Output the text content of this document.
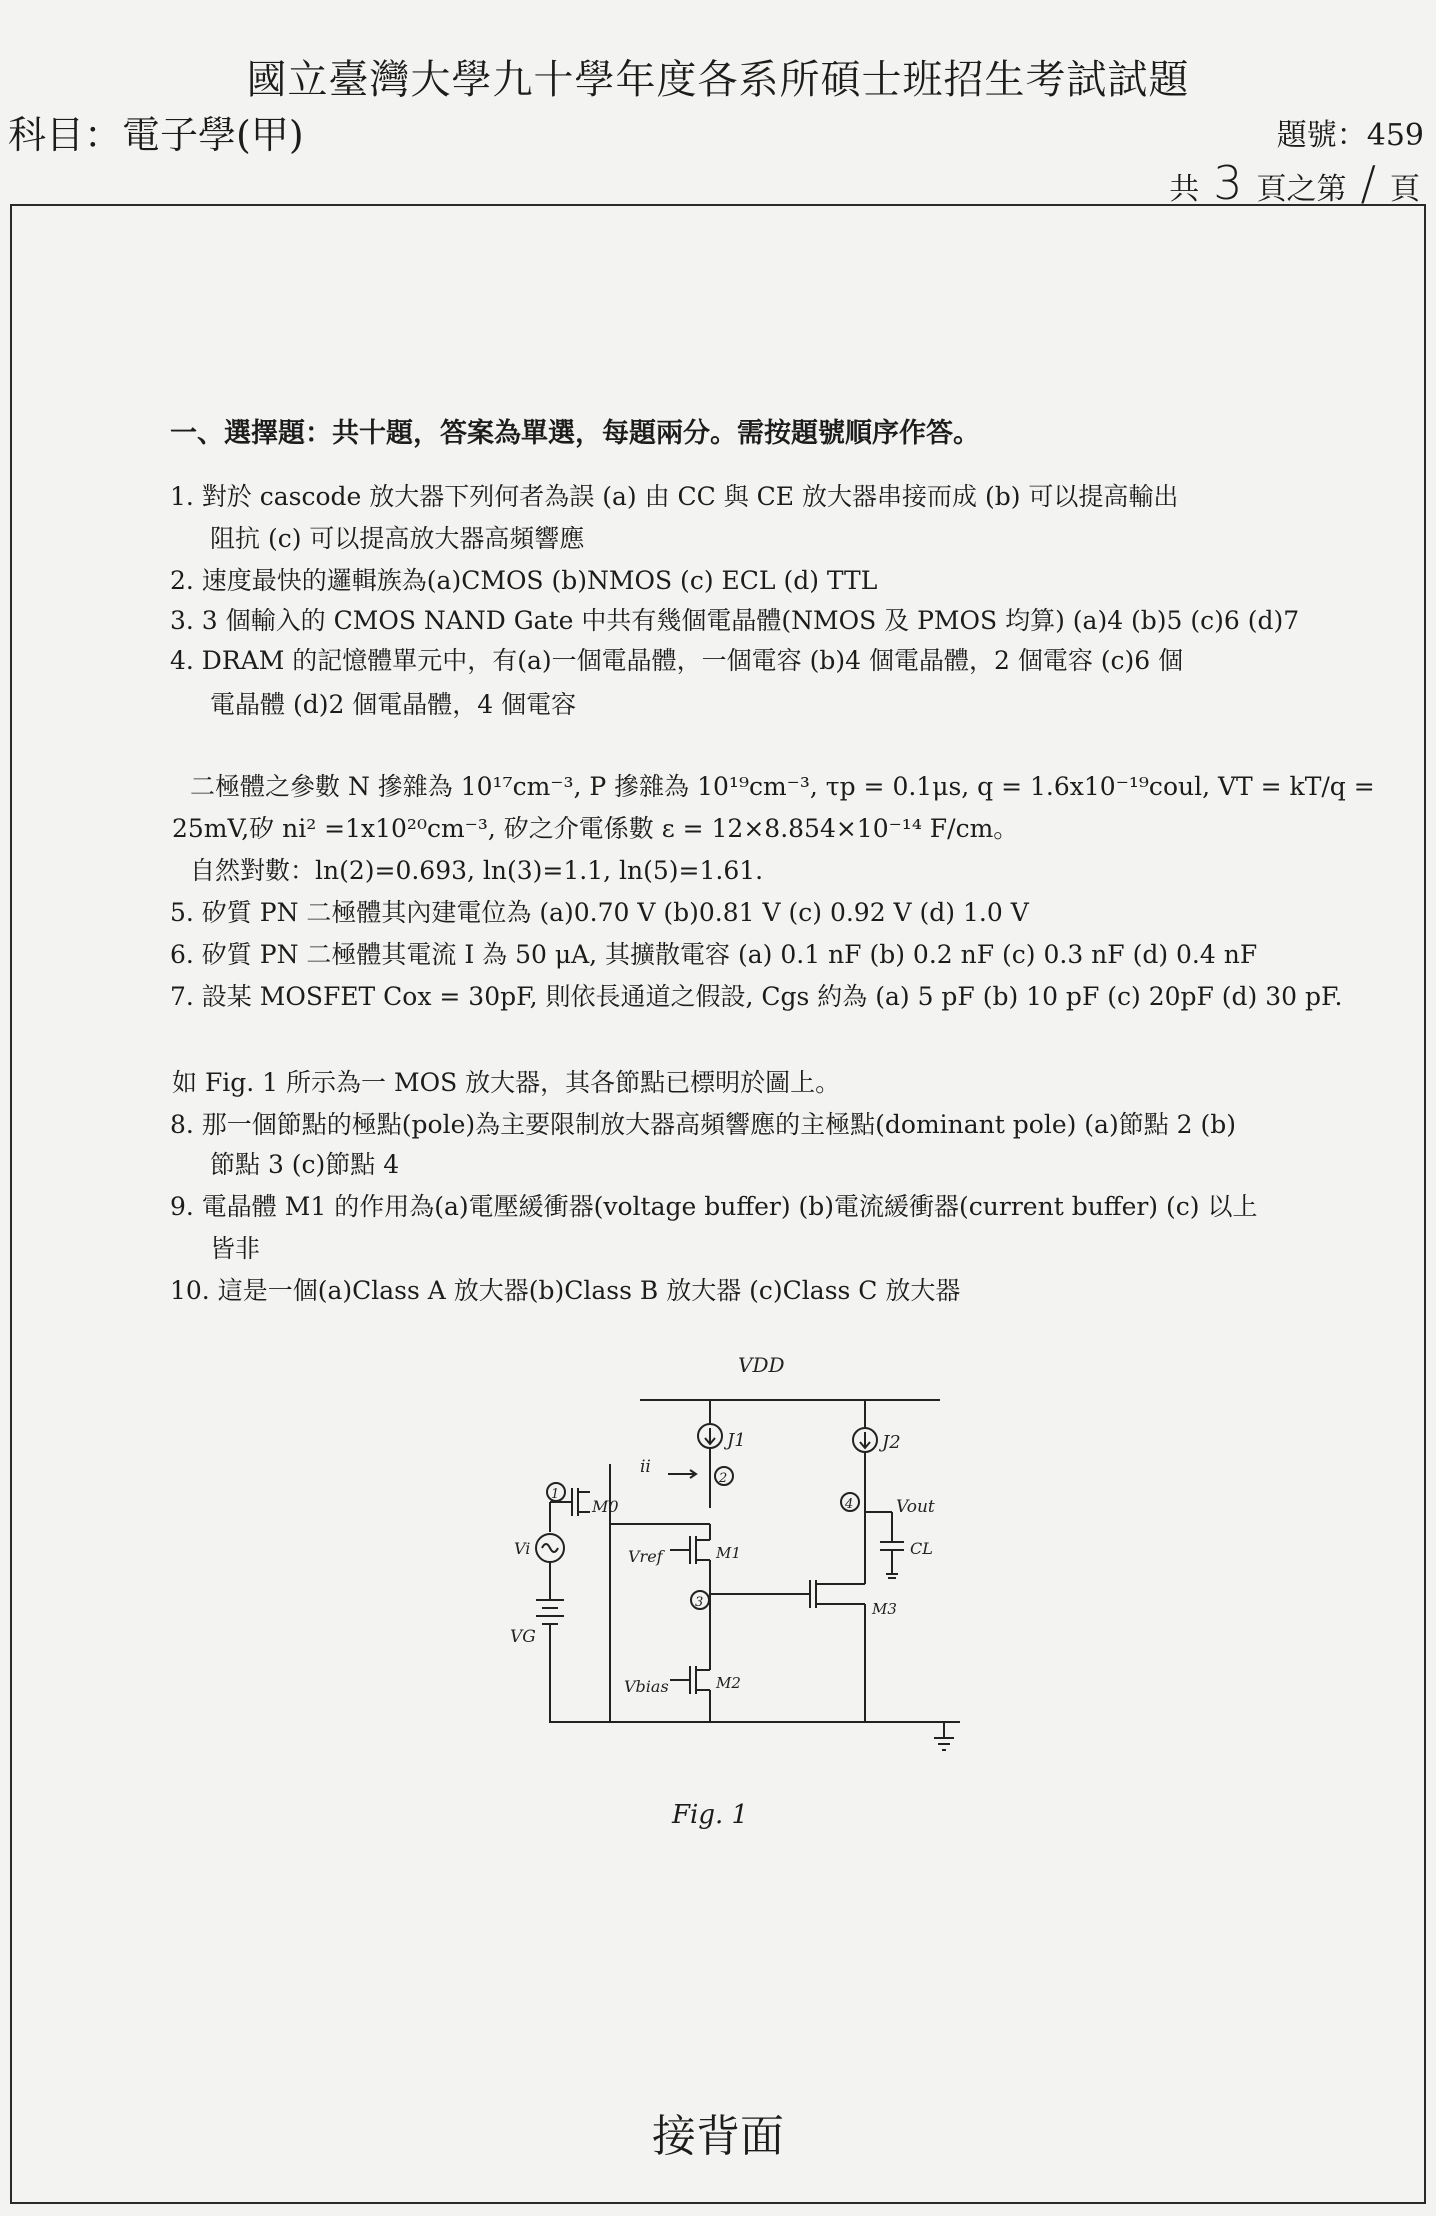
國立臺灣大學九十學年度各系所碩士班招生考試試題
科目：電子學(甲)	題號：459
共 3 頁之第 / 頁
一、選擇題：共十題，答案為單選，每題兩分。需按題號順序作答。
1. 對於 cascode 放大器下列何者為誤 (a) 由 CC 與 CE 放大器串接而成 (b) 可以提高輸出
阻抗 (c) 可以提高放大器高頻響應
2. 速度最快的邏輯族為(a)CMOS (b)NMOS (c) ECL (d) TTL
3. 3 個輸入的 CMOS NAND Gate 中共有幾個電晶體(NMOS 及 PMOS 均算) (a)4 (b)5 (c)6 (d)7
4. DRAM 的記憶體單元中，有(a)一個電晶體，一個電容 (b)4 個電晶體，2 個電容 (c)6 個
電晶體 (d)2 個電晶體，4 個電容
二極體之參數 N 摻雜為 10¹⁷cm⁻³, P 摻雜為 10¹⁹cm⁻³, τp = 0.1μs, q = 1.6x10⁻¹⁹coul, VT = kT/q =
25mV,矽 ni² =1x10²⁰cm⁻³, 矽之介電係數 ε = 12×8.854×10⁻¹⁴ F/cm。
自然對數：ln(2)=0.693, ln(3)=1.1, ln(5)=1.61.
5. 矽質 PN 二極體其內建電位為 (a)0.70 V (b)0.81 V (c) 0.92 V (d) 1.0 V
6. 矽質 PN 二極體其電流 I 為 50 μA, 其擴散電容 (a) 0.1 nF (b) 0.2 nF (c) 0.3 nF (d) 0.4 nF
7. 設某 MOSFET Cox = 30pF, 則依長通道之假設, Cgs 約為 (a) 5 pF (b) 10 pF (c) 20pF (d) 30 pF.
如 Fig. 1 所示為一 MOS 放大器，其各節點已標明於圖上。
8. 那一個節點的極點(pole)為主要限制放大器高頻響應的主極點(dominant pole) (a)節點 2 (b)
節點 3 (c)節點 4
9. 電晶體 M1 的作用為(a)電壓緩衝器(voltage buffer) (b)電流緩衝器(current buffer) (c) 以上
皆非
10. 這是一個(a)Class A 放大器(b)Class B 放大器 (c)Class C 放大器
VDD
J1	J2
2
ii
M0
1
Vi
VG
Vref	M1
3	M3
Vbias	M2
4
CL
Vout
Fig. 1
接背面
